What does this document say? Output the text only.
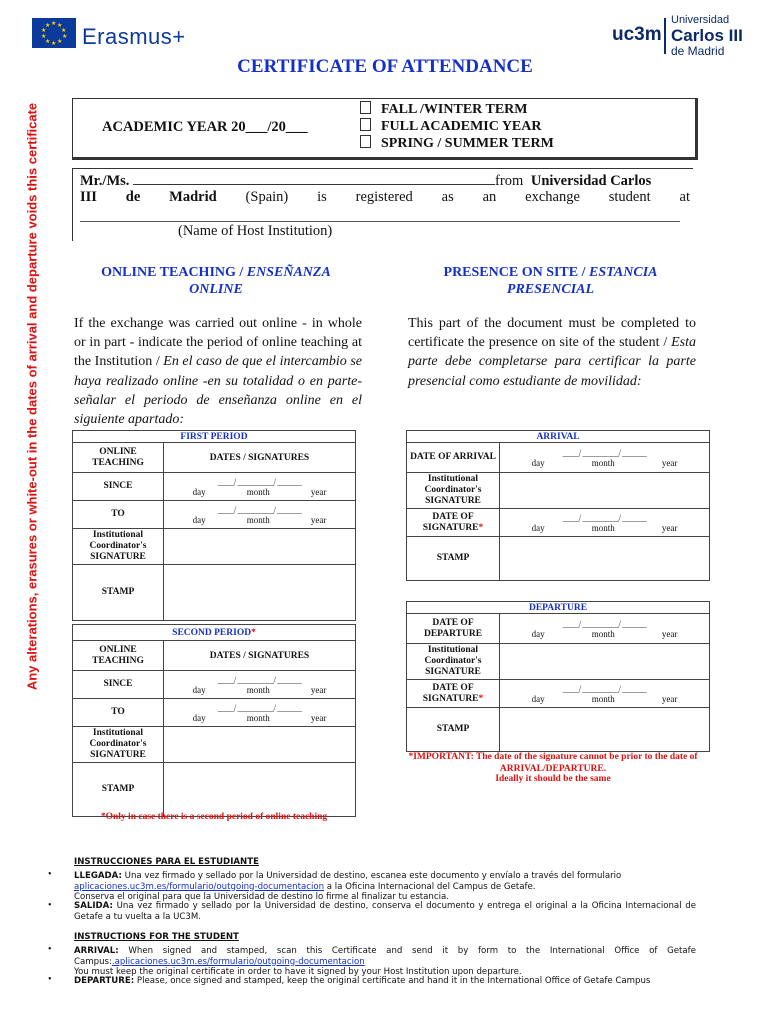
★ ★
★
★
★
★
★
★
★
★ Erasmus+	uc3m
Universidad
Carlos III
de Madrid
Any alterations, erasures or white-out in the dates of arrival and departure voids this certificate
CERTIFICATE OF ATTENDANCE
ACADEMIC YEAR 20___/20___
FALL /WINTER TERM
FULL ACADEMIC YEAR
SPRING / SUMMER TERM
Mr./Ms.	from Universidad Carlos
III de Madrid (Spain) is registered as an exchange student at
(Name of Host Institution)
ONLINE TEACHING / ENSEÑANZA ONLINE
PRESENCE ON SITE / ESTANCIA PRESENCIAL
If the exchange was carried out online - in whole or in part - indicate the period of online teaching at the Institution / En el caso de que el intercambio se haya realizado online -en su totalidad o en parte- señalar el periodo de enseñanza online en el siguiente apartado:
This part of the document must be completed to certificate the presence on site of the student / Esta parte debe completarse para certificar la parte presencial como estudiante de movilidad:
FIRST PERIOD	
ONLINE TEACHING	DATES / SIGNATURES
SINCE	____/ _________/ ______
day month year

TO	____/ _________/ ______
day month year

Institutional Coordinator's SIGNATURE	
STAMP	
SECOND PERIOD*	
ONLINE TEACHING	DATES / SIGNATURES
SINCE	____/ _________/ ______
day month year

TO	____/ _________/ ______
day month year

Institutional Coordinator's SIGNATURE	
STAMP	
*Only in case there is a second period of online teaching
ARRIVAL	
DATE OF ARRIVAL	____/ _________/ ______
day month year

Institutional Coordinator's SIGNATURE	
DATE OF SIGNATURE*	____/ _________/ ______
day month year

STAMP	
DEPARTURE	
DATE OF DEPARTURE	____/ _________/ ______
day month year

Institutional Coordinator's SIGNATURE	
DATE OF SIGNATURE*	____/ _________/ ______
day month year

STAMP	
*IMPORTANT: The date of the signature cannot be prior to the date of ARRIVAL/DEPARTURE.
Ideally it should be the same
INSTRUCCIONES PARA EL ESTUDIANTE
•	LLEGADA: Una vez firmado y sellado por la Universidad de destino, escanea este documento y envíalo a través del formulario
aplicaciones.uc3m.es/formulario/outgoing-documentacion a la Oficina Internacional del Campus de Getafe.
Conserva el original para que la Universidad de destino lo firme al finalizar tu estancia.
•	SALIDA: Una vez firmado y sellado por la Universidad de destino, conserva el documento y entrega el original a la Oficina Internacional de Getafe a tu vuelta a la UC3M.
INSTRUCTIONS FOR THE STUDENT
•	ARRIVAL: When signed and stamped, scan this Certificate and send it by form to the International Office of Getafe Campus:.aplicaciones.uc3m.es/formulario/outgoing-documentacion
You must keep the original certificate in order to have it signed by your Host Institution upon departure.
•	DEPARTURE: Please, once signed and stamped, keep the original certificate and hand it in the International Office of Getafe Campus
